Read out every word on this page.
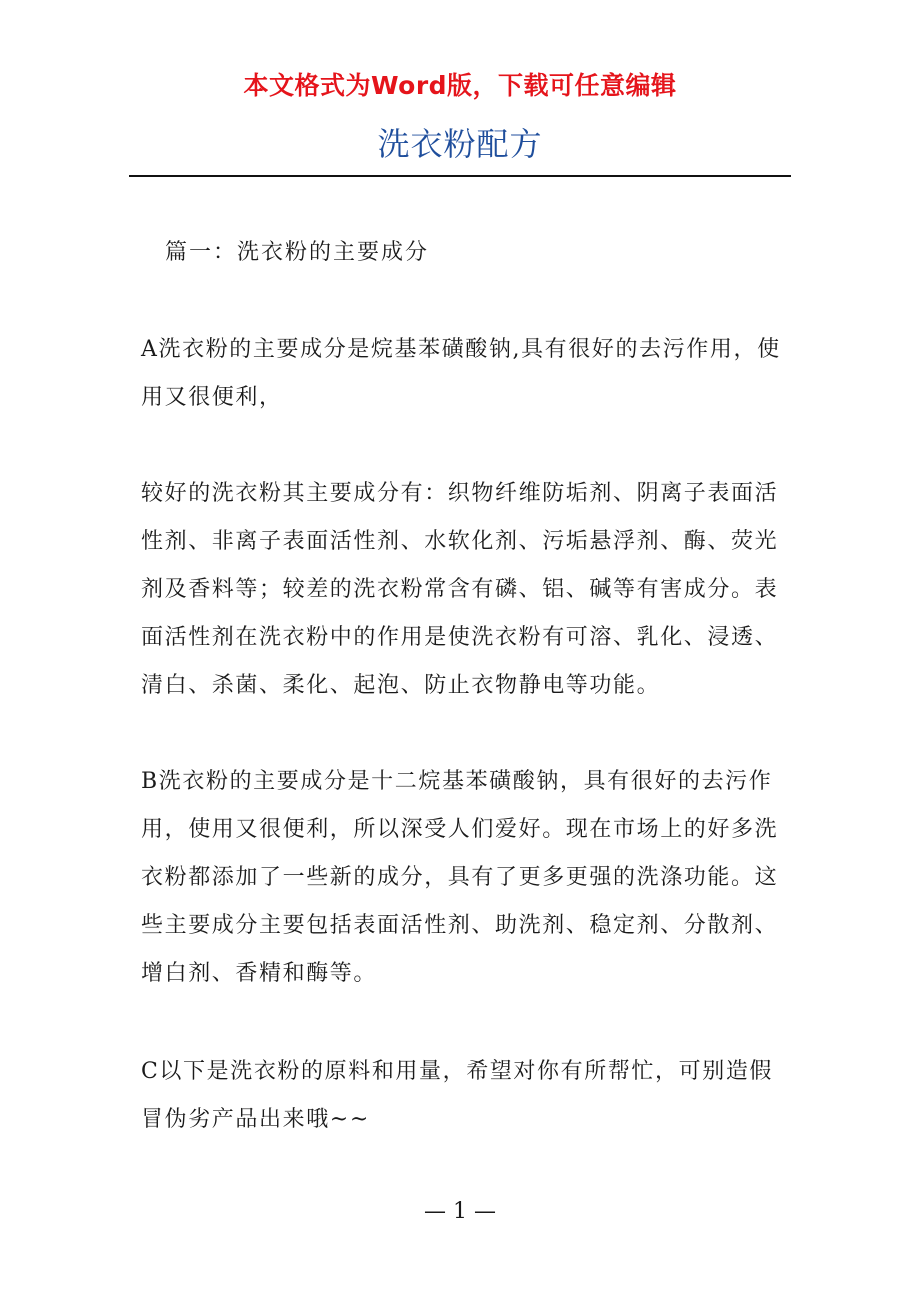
本文格式为Word版，下载可任意编辑
洗衣粉配方

篇一：洗衣粉的主要成分

A洗衣粉的主要成分是烷基苯磺酸钠,具有很好的去污作用，使用又很便利，

较好的洗衣粉其主要成分有：织物纤维防垢剂、阴离子表面活性剂、非离子表面活性剂、水软化剂、污垢悬浮剂、酶、荧光剂及香料等；较差的洗衣粉常含有磷、铝、碱等有害成分。表面活性剂在洗衣粉中的作用是使洗衣粉有可溶、乳化、浸透、清白、杀菌、柔化、起泡、防止衣物静电等功能。

B洗衣粉的主要成分是十二烷基苯磺酸钠，具有很好的去污作用，使用又很便利，所以深受人们爱好。现在市场上的好多洗衣粉都添加了一些新的成分，具有了更多更强的洗涤功能。这些主要成分主要包括表面活性剂、助洗剂、稳定剂、分散剂、增白剂、香精和酶等。

C以下是洗衣粉的原料和用量，希望对你有所帮忙，可别造假冒伪劣产品出来哦~~

— 1 —
